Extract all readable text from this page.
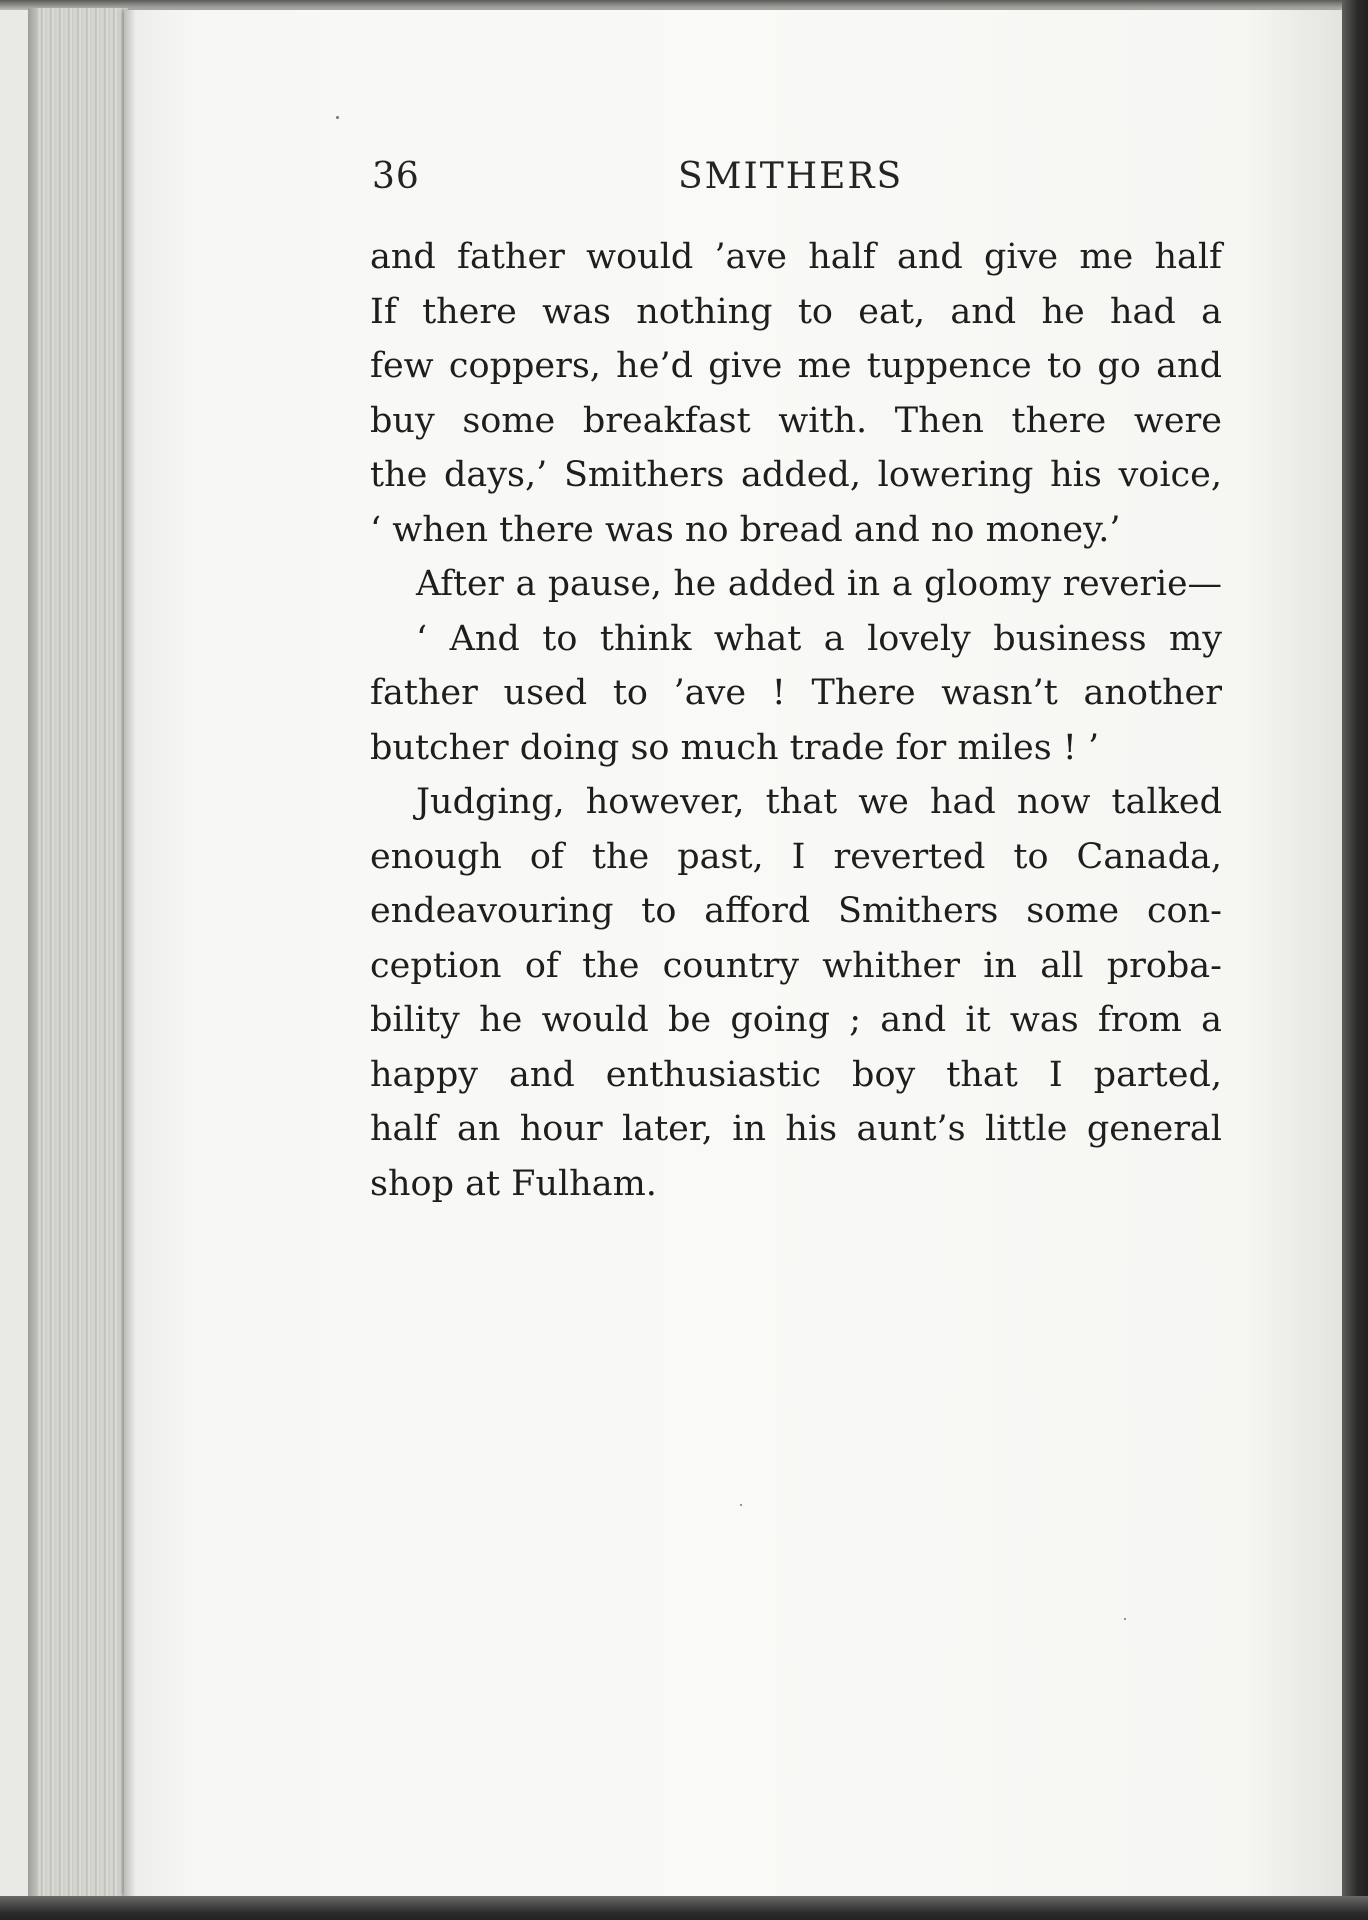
36	SMITHERS
and father would ’ave half and give me half
If there was nothing to eat, and he had a
few coppers, he’d give me tuppence to go and
buy some breakfast with. Then there were
the days,’ Smithers added, lowering his voice,
‘ when there was no bread and no money.’
After a pause, he added in a gloomy reverie—
‘ And to think what a lovely business my
father used to ’ave ! There wasn’t another
butcher doing so much trade for miles ! ’
Judging, however, that we had now talked
enough of the past, I reverted to Canada,
endeavouring to afford Smithers some con-
ception of the country whither in all proba-
bility he would be going ; and it was from a
happy and enthusiastic boy that I parted,
half an hour later, in his aunt’s little general
shop at Fulham.
